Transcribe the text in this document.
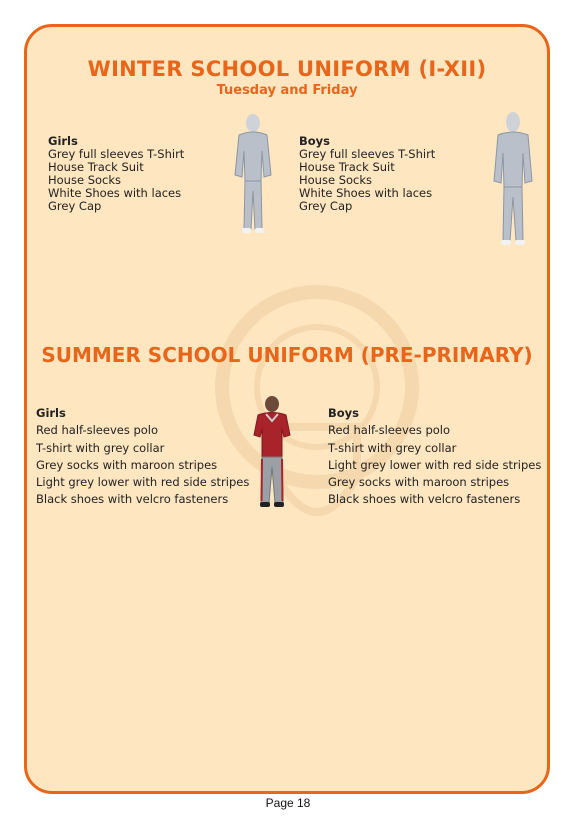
WINTER SCHOOL UNIFORM (I-XII)
Tuesday and Friday
Girls
Grey full sleeves T-Shirt
House Track Suit
House Socks
White Shoes with laces
Grey Cap
Boys
Grey full sleeves T-Shirt
House Track Suit
House Socks
White Shoes with laces
Grey Cap
SUMMER SCHOOL UNIFORM (PRE-PRIMARY)
Girls
Red half-sleeves polo
T-shirt with grey collar
Grey socks with maroon stripes
Light grey lower with red side stripes
Black shoes with velcro fasteners
Boys
Red half-sleeves polo
T-shirt with grey collar
Light grey lower with red side stripes
Grey socks with maroon stripes
Black shoes with velcro fasteners
Page 18
